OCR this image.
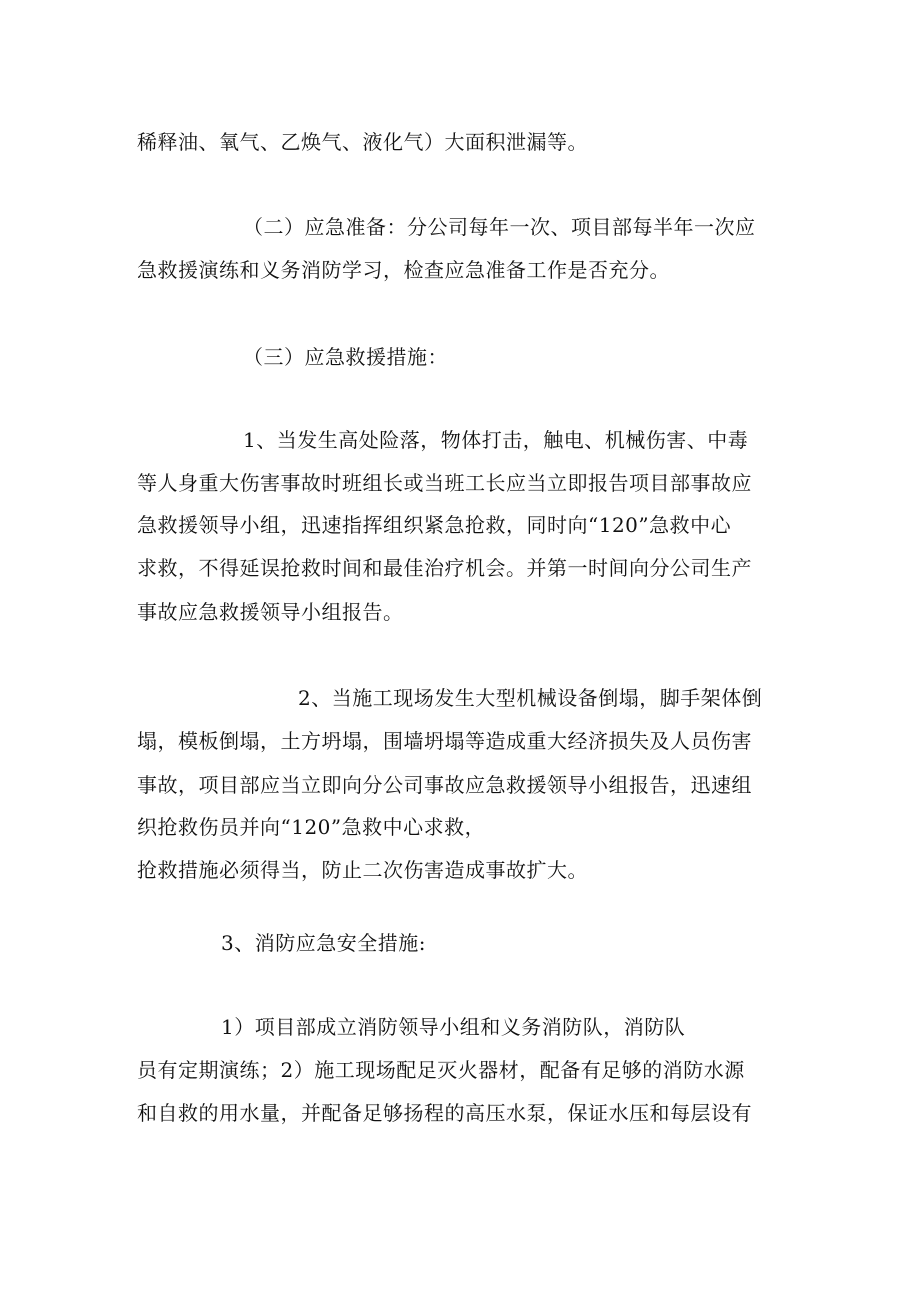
稀释油、氧气、乙焕气、液化气）大面积泄漏等。
（二）应急准备：分公司每年一次、项目部每半年一次应
急救援演练和义务消防学习，检查应急准备工作是否充分。
（三）应急救援措施：
1、当发生高处险落，物体打击，触电、机械伤害、中毒
等人身重大伤害事故时班组长或当班工长应当立即报告项目部事故应
急救援领导小组，迅速指挥组织紧急抢救，同时向“120”急救中心
求救，不得延误抢救时间和最佳治疗机会。并第一时间向分公司生产
事故应急救援领导小组报告。
2、当施工现场发生大型机械设备倒塌，脚手架体倒
塌，模板倒塌，土方坍塌，围墙坍塌等造成重大经济损失及人员伤害
事故，项目部应当立即向分公司事故应急救援领导小组报告，迅速组
织抢救伤员并向“120”急救中心求救，
抢救措施必须得当，防止二次伤害造成事故扩大。
3、消防应急安全措施:
1）项目部成立消防领导小组和义务消防队，消防队
员有定期演练；2）施工现场配足灭火器材，配备有足够的消防水源
和自救的用水量，并配备足够扬程的高压水泵，保证水压和每层设有
